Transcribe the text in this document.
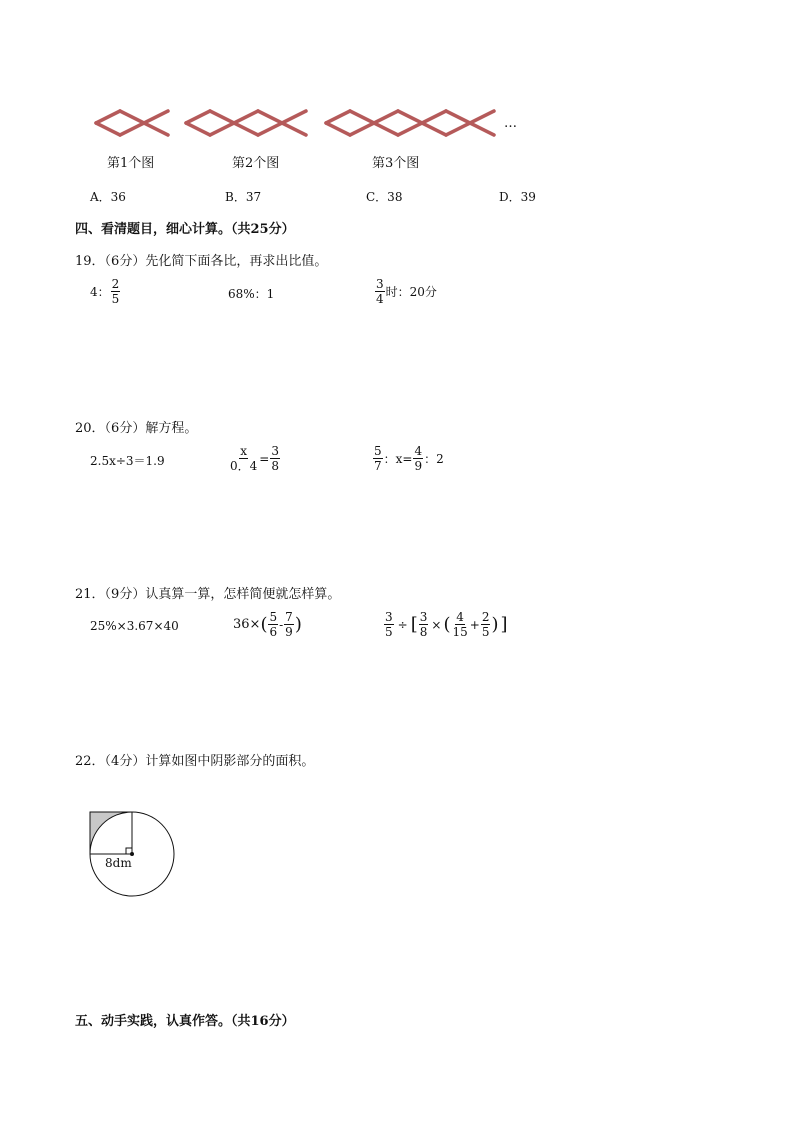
…
第1个图	第2个图	第3个图
A．36	B．37	C．38	D．39
四、看清题目，细心计算。（共25分）
19．（6分）先化简下面各比，再求出比值。
4： $\frac{2}{5}$	68%：1	$\frac{3}{4}$ 时：20分
20．（6分）解方程。
2.5x÷3＝1.9	$\frac{x}{0.4} = \frac{3}{8}$	$\frac{5}{7}$ ：$x= \frac{4}{9}$ ：2
21．（9分）认真算一算，怎样简便就怎样算。
25%×3.67×40	36× ( $\frac{5}{6} - \frac{7}{9}$ )	$\frac{3}{5}$ ÷ [ $\frac{3}{8}$ × ( $\frac{4}{15} + \frac{2}{5}$ ) ]
22．（4分）计算如图中阴影部分的面积。
8dm
五、动手实践，认真作答。（共16分）
